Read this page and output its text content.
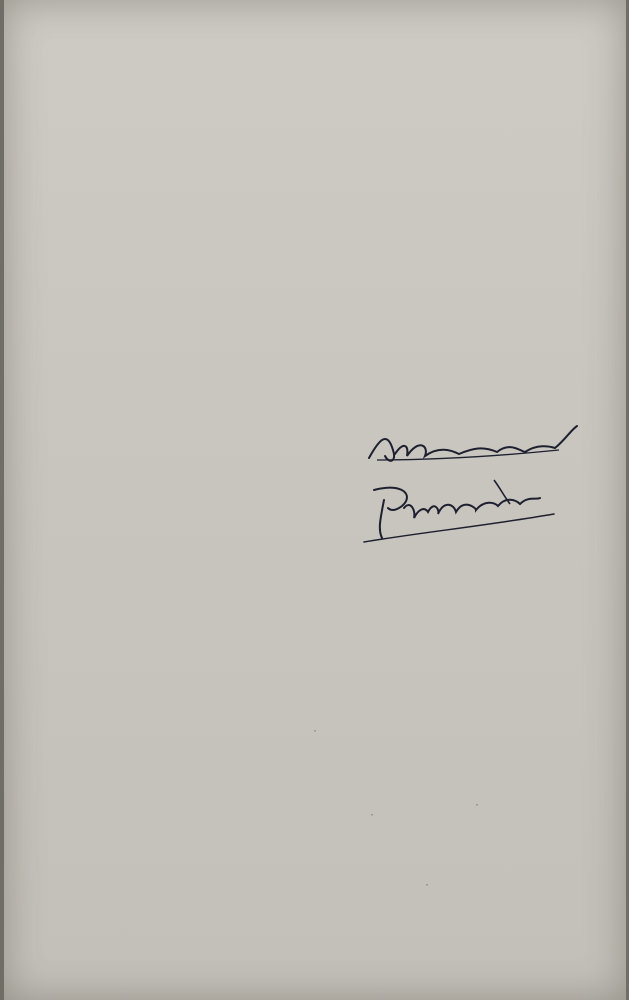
·
·
·
·
